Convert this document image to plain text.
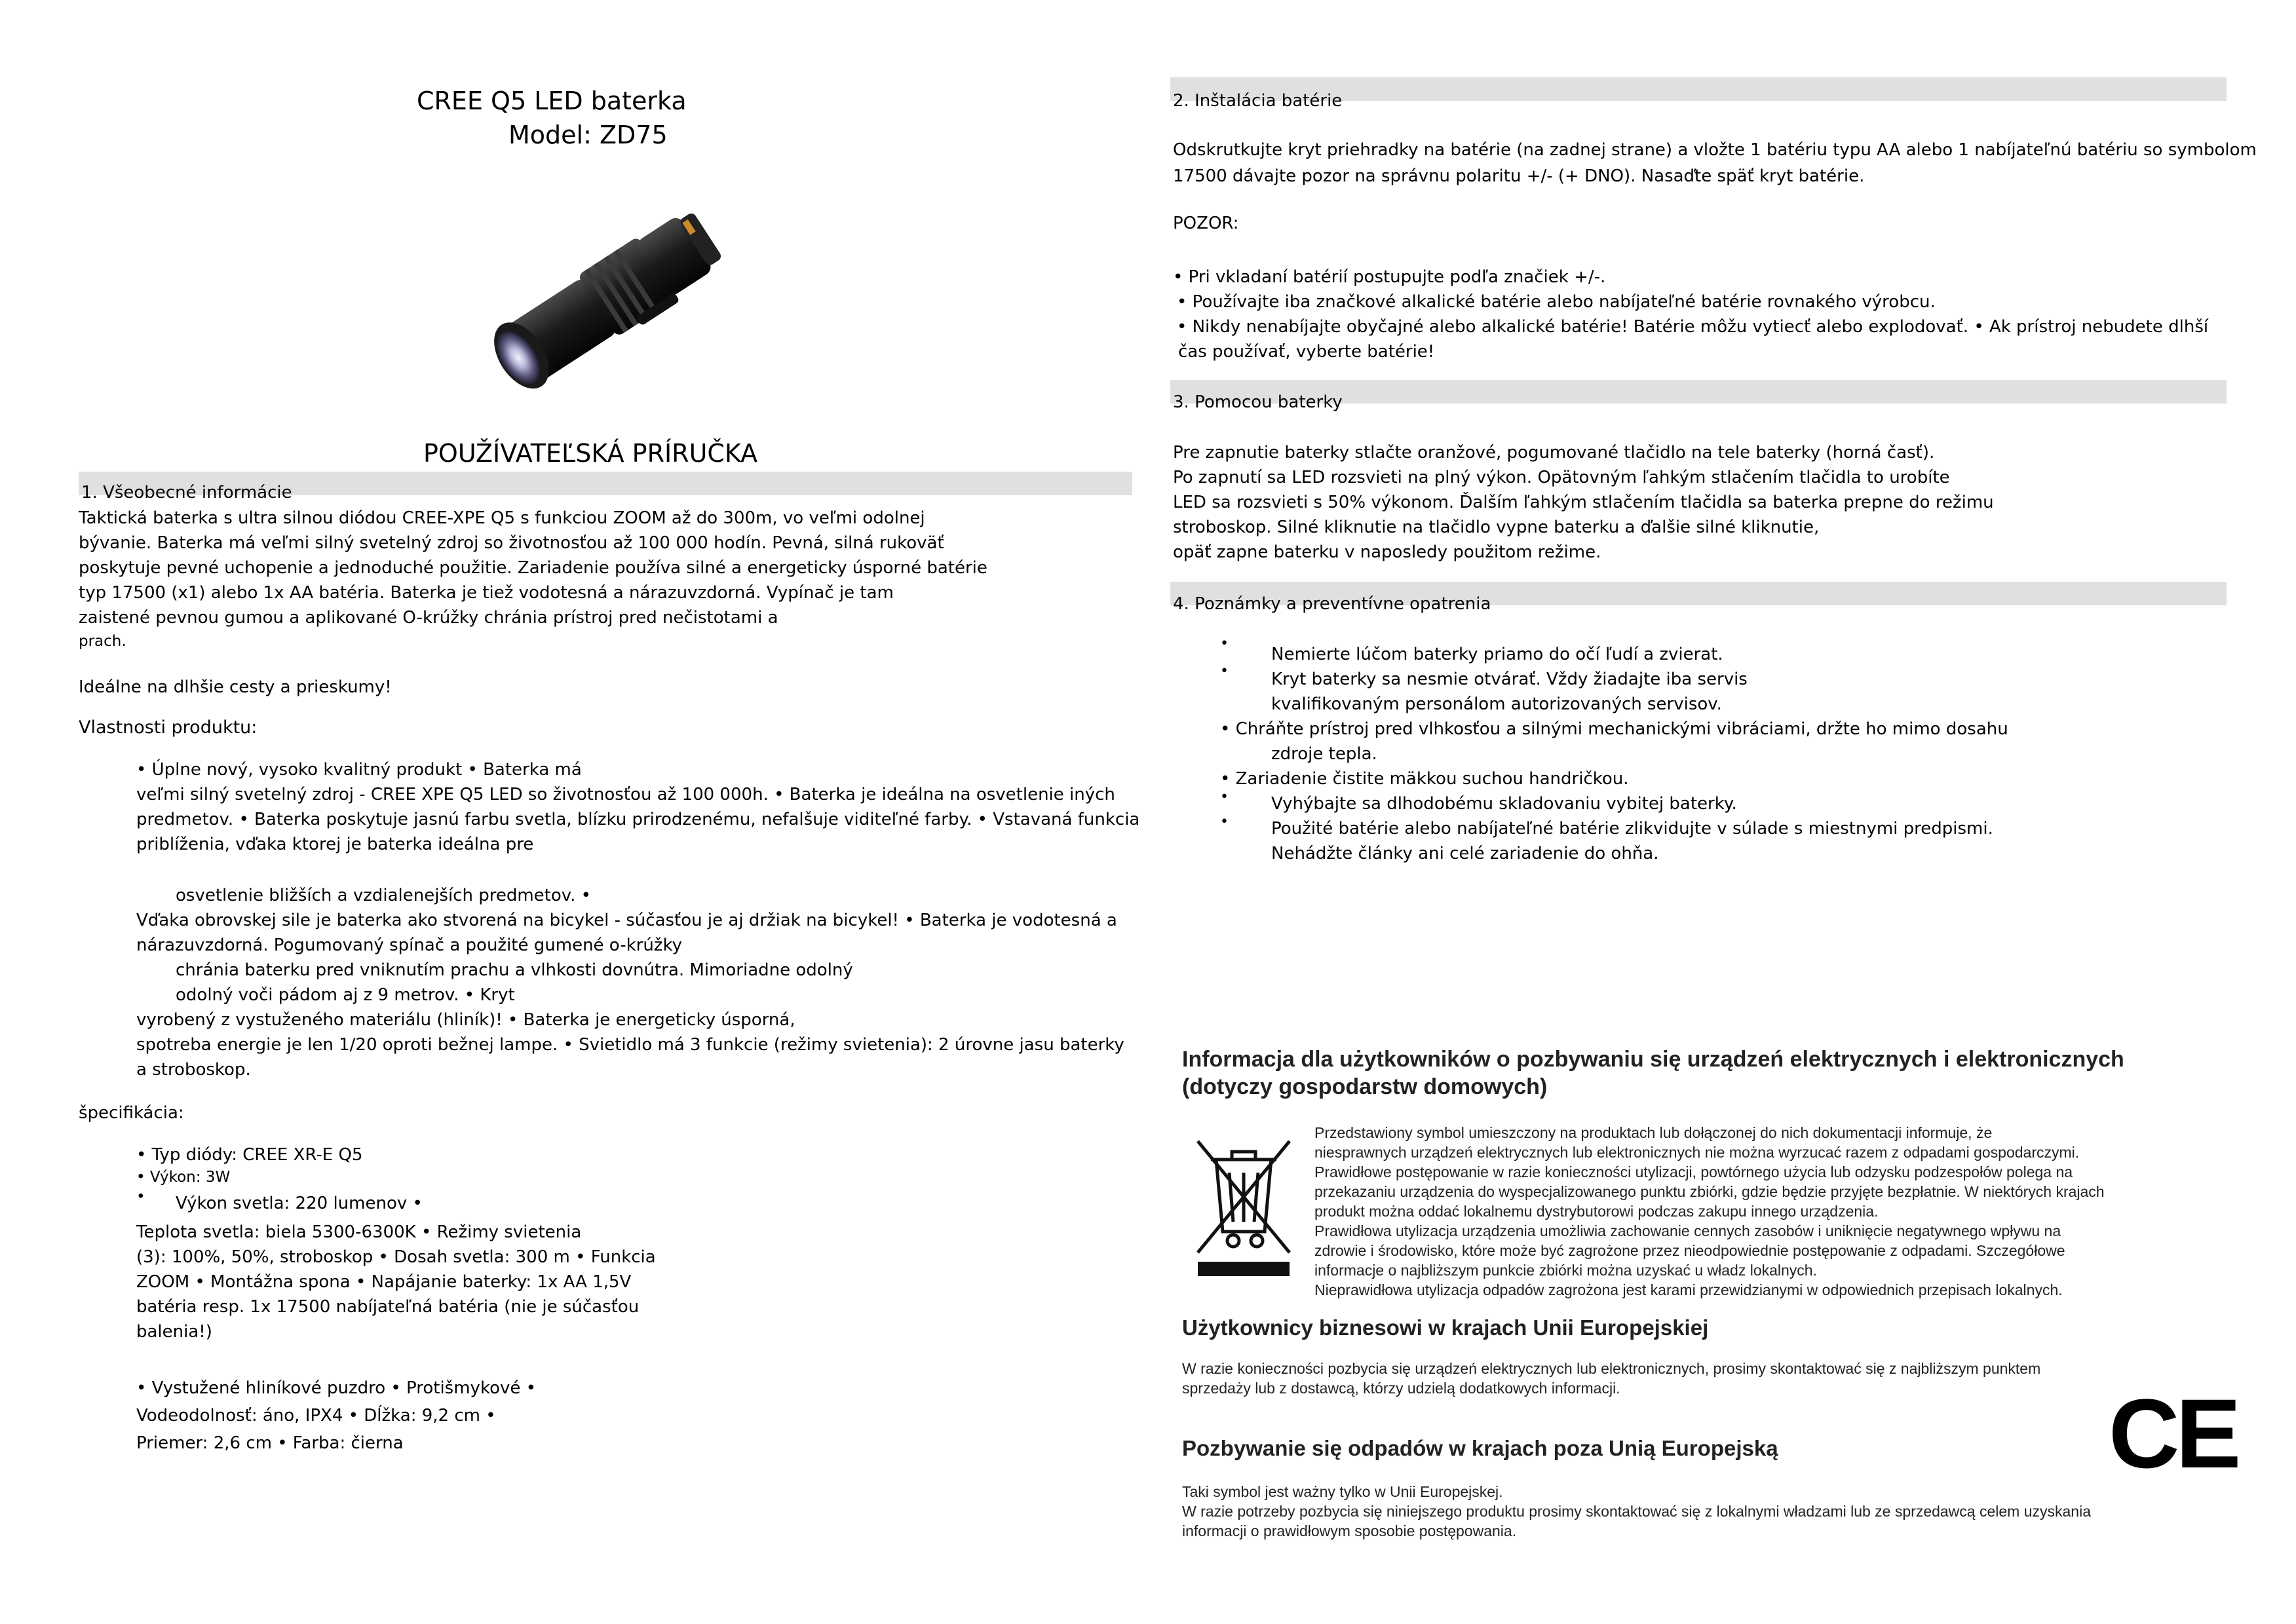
CREE Q5 LED baterka
Model: ZD75
POUŽÍVATEĽSKÁ PRÍRUČKA
1. Všeobecné informácie
Taktická baterka s ultra silnou diódou CREE-XPE Q5 s funkciou ZOOM až do 300m, vo veľmi odolnej
bývanie. Baterka má veľmi silný svetelný zdroj so životnosťou až 100 000 hodín. Pevná, silná rukoväť
poskytuje pevné uchopenie a jednoduché použitie. Zariadenie používa silné a energeticky úsporné batérie
typ 17500 (x1) alebo 1x AA batéria. Baterka je tiež vodotesná a nárazuvzdorná. Vypínač je tam
zaistené pevnou gumou a aplikované O-krúžky chránia prístroj pred nečistotami a
prach.
Ideálne na dlhšie cesty a prieskumy!
Vlastnosti produktu:
• Úplne nový, vysoko kvalitný produkt • Baterka má
veľmi silný svetelný zdroj - CREE XPE Q5 LED so životnosťou až 100 000h. • Baterka je ideálna na osvetlenie iných
predmetov. • Baterka poskytuje jasnú farbu svetla, blízku prirodzenému, nefalšuje viditeľné farby. • Vstavaná funkcia
priblíženia, vďaka ktorej je baterka ideálna pre
osvetlenie bližších a vzdialenejších predmetov. •
Vďaka obrovskej sile je baterka ako stvorená na bicykel - súčasťou je aj držiak na bicykel! • Baterka je vodotesná a
nárazuvzdorná. Pogumovaný spínač a použité gumené o-krúžky
chránia baterku pred vniknutím prachu a vlhkosti dovnútra. Mimoriadne odolný
odolný voči pádom aj z 9 metrov. • Kryt
vyrobený z vystuženého materiálu (hliník)! • Baterka je energeticky úsporná,
spotreba energie je len 1/20 oproti bežnej lampe. • Svietidlo má 3 funkcie (režimy svietenia): 2 úrovne jasu baterky
a stroboskop.
špecifikácia:
• Typ diódy: CREE XR-E Q5
• Výkon: 3W
• Výkon svetla: 220 lumenov •
Teplota svetla: biela 5300-6300K • Režimy svietenia
(3): 100%, 50%, stroboskop • Dosah svetla: 300 m • Funkcia
ZOOM • Montážna spona • Napájanie baterky: 1x AA 1,5V
batéria resp. 1x 17500 nabíjateľná batéria (nie je súčasťou
balenia!)
• Vystužené hliníkové puzdro • Protišmykové •
Vodeodolnosť: áno, IPX4 • Dĺžka: 9,2 cm •
Priemer: 2,6 cm • Farba: čierna
2. Inštalácia batérie
Odskrutkujte kryt priehradky na batérie (na zadnej strane) a vložte 1 batériu typu AA alebo 1 nabíjateľnú batériu so symbolom
17500 dávajte pozor na správnu polaritu +/- (+ DNO). Nasaďte späť kryt batérie.
POZOR:
• Pri vkladaní batérií postupujte podľa značiek +/-.
• Používajte iba značkové alkalické batérie alebo nabíjateľné batérie rovnakého výrobcu.
• Nikdy nenabíjajte obyčajné alebo alkalické batérie! Batérie môžu vytiecť alebo explodovať. • Ak prístroj nebudete dlhší
čas používať, vyberte batérie!
3. Pomocou baterky
Pre zapnutie baterky stlačte oranžové, pogumované tlačidlo na tele baterky (horná časť).
Po zapnutí sa LED rozsvieti na plný výkon. Opätovným ľahkým stlačením tlačidla to urobíte
LED sa rozsvieti s 50% výkonom. Ďalším ľahkým stlačením tlačidla sa baterka prepne do režimu
stroboskop. Silné kliknutie na tlačidlo vypne baterku a ďalšie silné kliknutie,
opäť zapne baterku v naposledy použitom režime.
4. Poznámky a preventívne opatrenia
•
•
•
•
Nemierte lúčom baterky priamo do očí ľudí a zvierat.
Kryt baterky sa nesmie otvárať. Vždy žiadajte iba servis
kvalifikovaným personálom autorizovaných servisov.
• Chráňte prístroj pred vlhkosťou a silnými mechanickými vibráciami, držte ho mimo dosahu
zdroje tepla.
• Zariadenie čistite mäkkou suchou handričkou.
Vyhýbajte sa dlhodobému skladovaniu vybitej baterky.
Použité batérie alebo nabíjateľné batérie zlikvidujte v súlade s miestnymi predpismi.
Nehádžte články ani celé zariadenie do ohňa.
Informacja dla użytkowników o pozbywaniu się urządzeń elektrycznych i elektronicznych
(dotyczy gospodarstw domowych)
Przedstawiony symbol umieszczony na produktach lub dołączonej do nich dokumentacji informuje, że
niesprawnych urządzeń elektrycznych lub elektronicznych nie można wyrzucać razem z odpadami gospodarczymi.
Prawidłowe postępowanie w razie konieczności utylizacji, powtórnego użycia lub odzysku podzespołów polega na
przekazaniu urządzenia do wyspecjalizowanego punktu zbiórki, gdzie będzie przyjęte bezpłatnie. W niektórych krajach
produkt można oddać lokalnemu dystrybutorowi podczas zakupu innego urządzenia.
Prawidłowa utylizacja urządzenia umożliwia zachowanie cennych zasobów i uniknięcie negatywnego wpływu na
zdrowie i środowisko, które może być zagrożone przez nieodpowiednie postępowanie z odpadami. Szczegółowe
informacje o najbliższym punkcie zbiórki można uzyskać u władz lokalnych.
Nieprawidłowa utylizacja odpadów zagrożona jest karami przewidzianymi w odpowiednich przepisach lokalnych.
Użytkownicy biznesowi w krajach Unii Europejskiej
W razie konieczności pozbycia się urządzeń elektrycznych lub elektronicznych, prosimy skontaktować się z najbliższym punktem
sprzedaży lub z dostawcą, którzy udzielą dodatkowych informacji.
Pozbywanie się odpadów w krajach poza Unią Europejską
Taki symbol jest ważny tylko w Unii Europejskej.
W razie potrzeby pozbycia się niniejszego produktu prosimy skontaktować się z lokalnymi władzami lub ze sprzedawcą celem uzyskania
informacji o prawidłowym sposobie postępowania.
CE
